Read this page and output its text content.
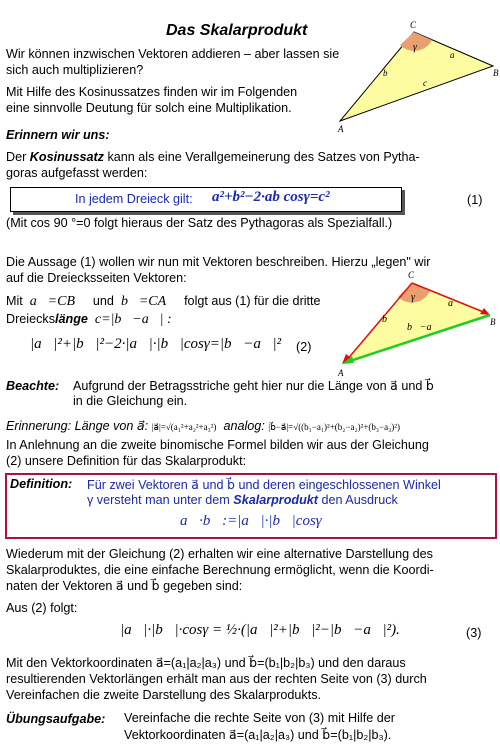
Das Skalarprodukt	C
B
A
γ
a
b
c
Wir können inzwischen Vektoren addieren – aber lassen sie
sich auch multiplizieren?
Mit Hilfe des Kosinussatzes finden wir im Folgenden
eine sinnvolle Deutung für solch eine Multiplikation.
Erinnern wir uns:
Der Kosinussatz kann als eine Verallgemeinerung des Satzes von Pytha-
goras aufgefasst werden:
In jedem Dreieck gilt: a²+b²−2·ab cosγ=c²	(1)
(Mit cos 90 °=0 folgt hieraus der Satz des Pythagoras als Spezialfall.)
Die Aussage (1) wollen wir nun mit Vektoren beschreiben. Hierzu „legen" wir
auf die Dreiecksseiten Vektoren:	C
B
A
γ
a⃗
b⃗
b⃗−a⃗
Mit a⃗=CB⃗ und b⃗=CA⃗ folgt aus (1) für die dritte
Dreieckslänge c=|b⃗−a⃗| :
|a⃗|²+|b⃗|²−2·|a⃗|·|b⃗|cosγ=|b⃗−a⃗|² (2)
Beachte: Aufgrund der Betragsstriche geht hier nur die Länge von a⃗ und b⃗
in die Gleichung ein.
Erinnerung: Länge von a⃗: |a⃗|=√(a₁²+a₂²+a₃²) analog: |b⃗−a⃗|=√((b₁−a₁)²+(b₂−a₂)²+(b₃−a₃)²)
In Anlehnung an die zweite binomische Formel bilden wir aus der Gleichung
(2) unsere Definition für das Skalarprodukt:
Definition: Für zwei Vektoren a⃗ und b⃗ und deren eingeschlossenen Winkel
γ versteht man unter dem Skalarprodukt den Ausdruck
a⃗·b⃗:=|a⃗|·|b⃗|cosγ
Wiederum mit der Gleichung (2) erhalten wir eine alternative Darstellung des
Skalarproduktes, die eine einfache Berechnung ermöglicht, wenn die Koordi-
naten der Vektoren a⃗ und b⃗ gegeben sind:
Aus (2) folgt:
|a⃗|·|b⃗|·cosγ = ½·(|a⃗|²+|b⃗|²−|b⃗−a⃗|²).	(3)
Mit den Vektorkoordinaten a⃗=(a₁|a₂|a₃) und b⃗=(b₁|b₂|b₃) und den daraus
resultierenden Vektorlängen erhält man aus der rechten Seite von (3) durch
Vereinfachen die zweite Darstellung des Skalarprodukts.
Übungsaufgabe: Vereinfache die rechte Seite von (3) mit Hilfe der
Vektorkoordinaten a⃗=(a₁|a₂|a₃) und b⃗=(b₁|b₂|b₃).
